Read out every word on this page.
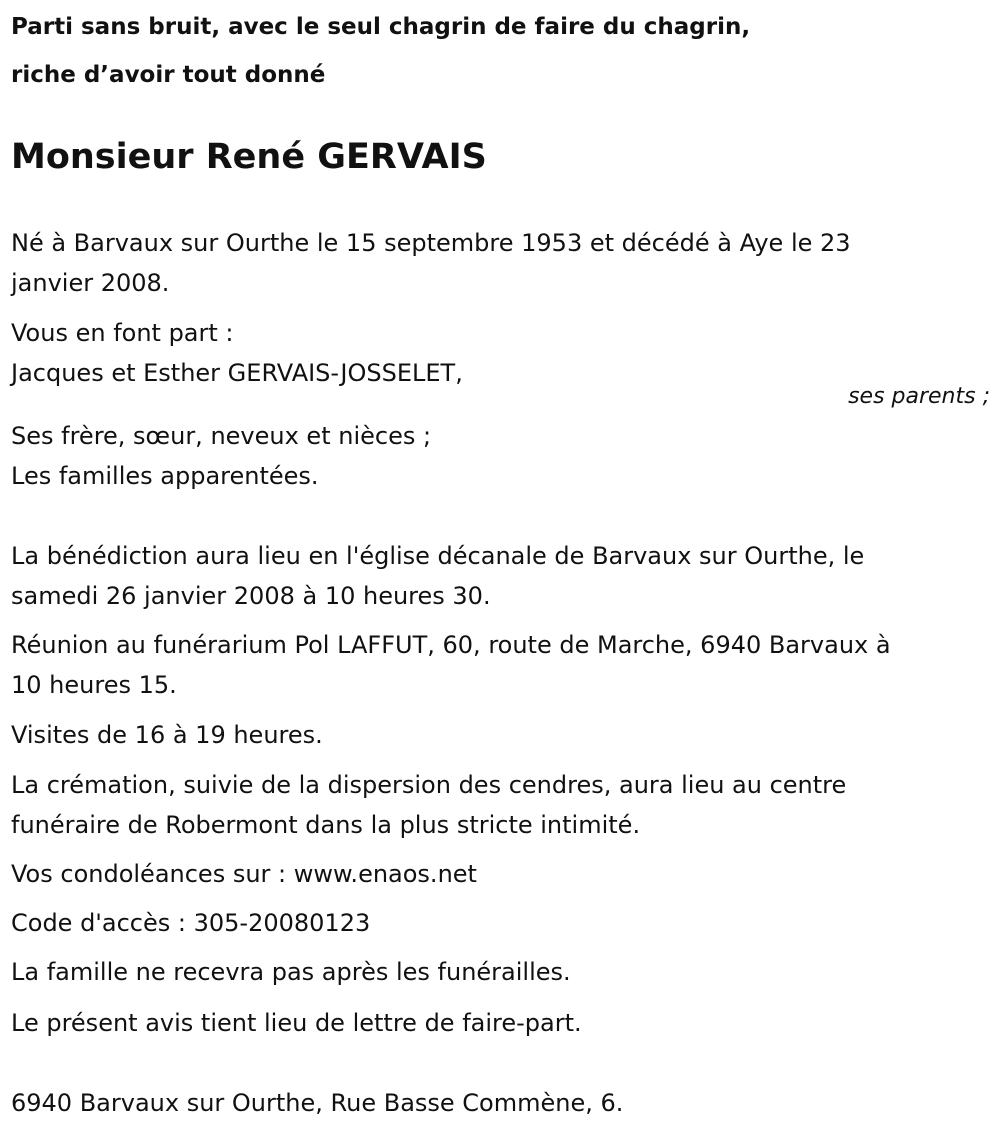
Parti sans bruit, avec le seul chagrin de faire du chagrin,
riche d’avoir tout donné
Monsieur René GERVAIS
Né à Barvaux sur Ourthe le 15 septembre 1953 et décédé à Aye le 23
janvier 2008.
Vous en font part :
Jacques et Esther GERVAIS-JOSSELET,
ses parents ;
Ses frère, sœur, neveux et nièces ;
Les familles apparentées.
La bénédiction aura lieu en l'église décanale de Barvaux sur Ourthe, le
samedi 26 janvier 2008 à 10 heures 30.
Réunion au funérarium Pol LAFFUT, 60, route de Marche, 6940 Barvaux à
10 heures 15.
Visites de 16 à 19 heures.
La crémation, suivie de la dispersion des cendres, aura lieu au centre
funéraire de Robermont dans la plus stricte intimité.
Vos condoléances sur : www.enaos.net
Code d'accès : 305-20080123
La famille ne recevra pas après les funérailles.
Le présent avis tient lieu de lettre de faire-part.
6940 Barvaux sur Ourthe, Rue Basse Commène, 6.
